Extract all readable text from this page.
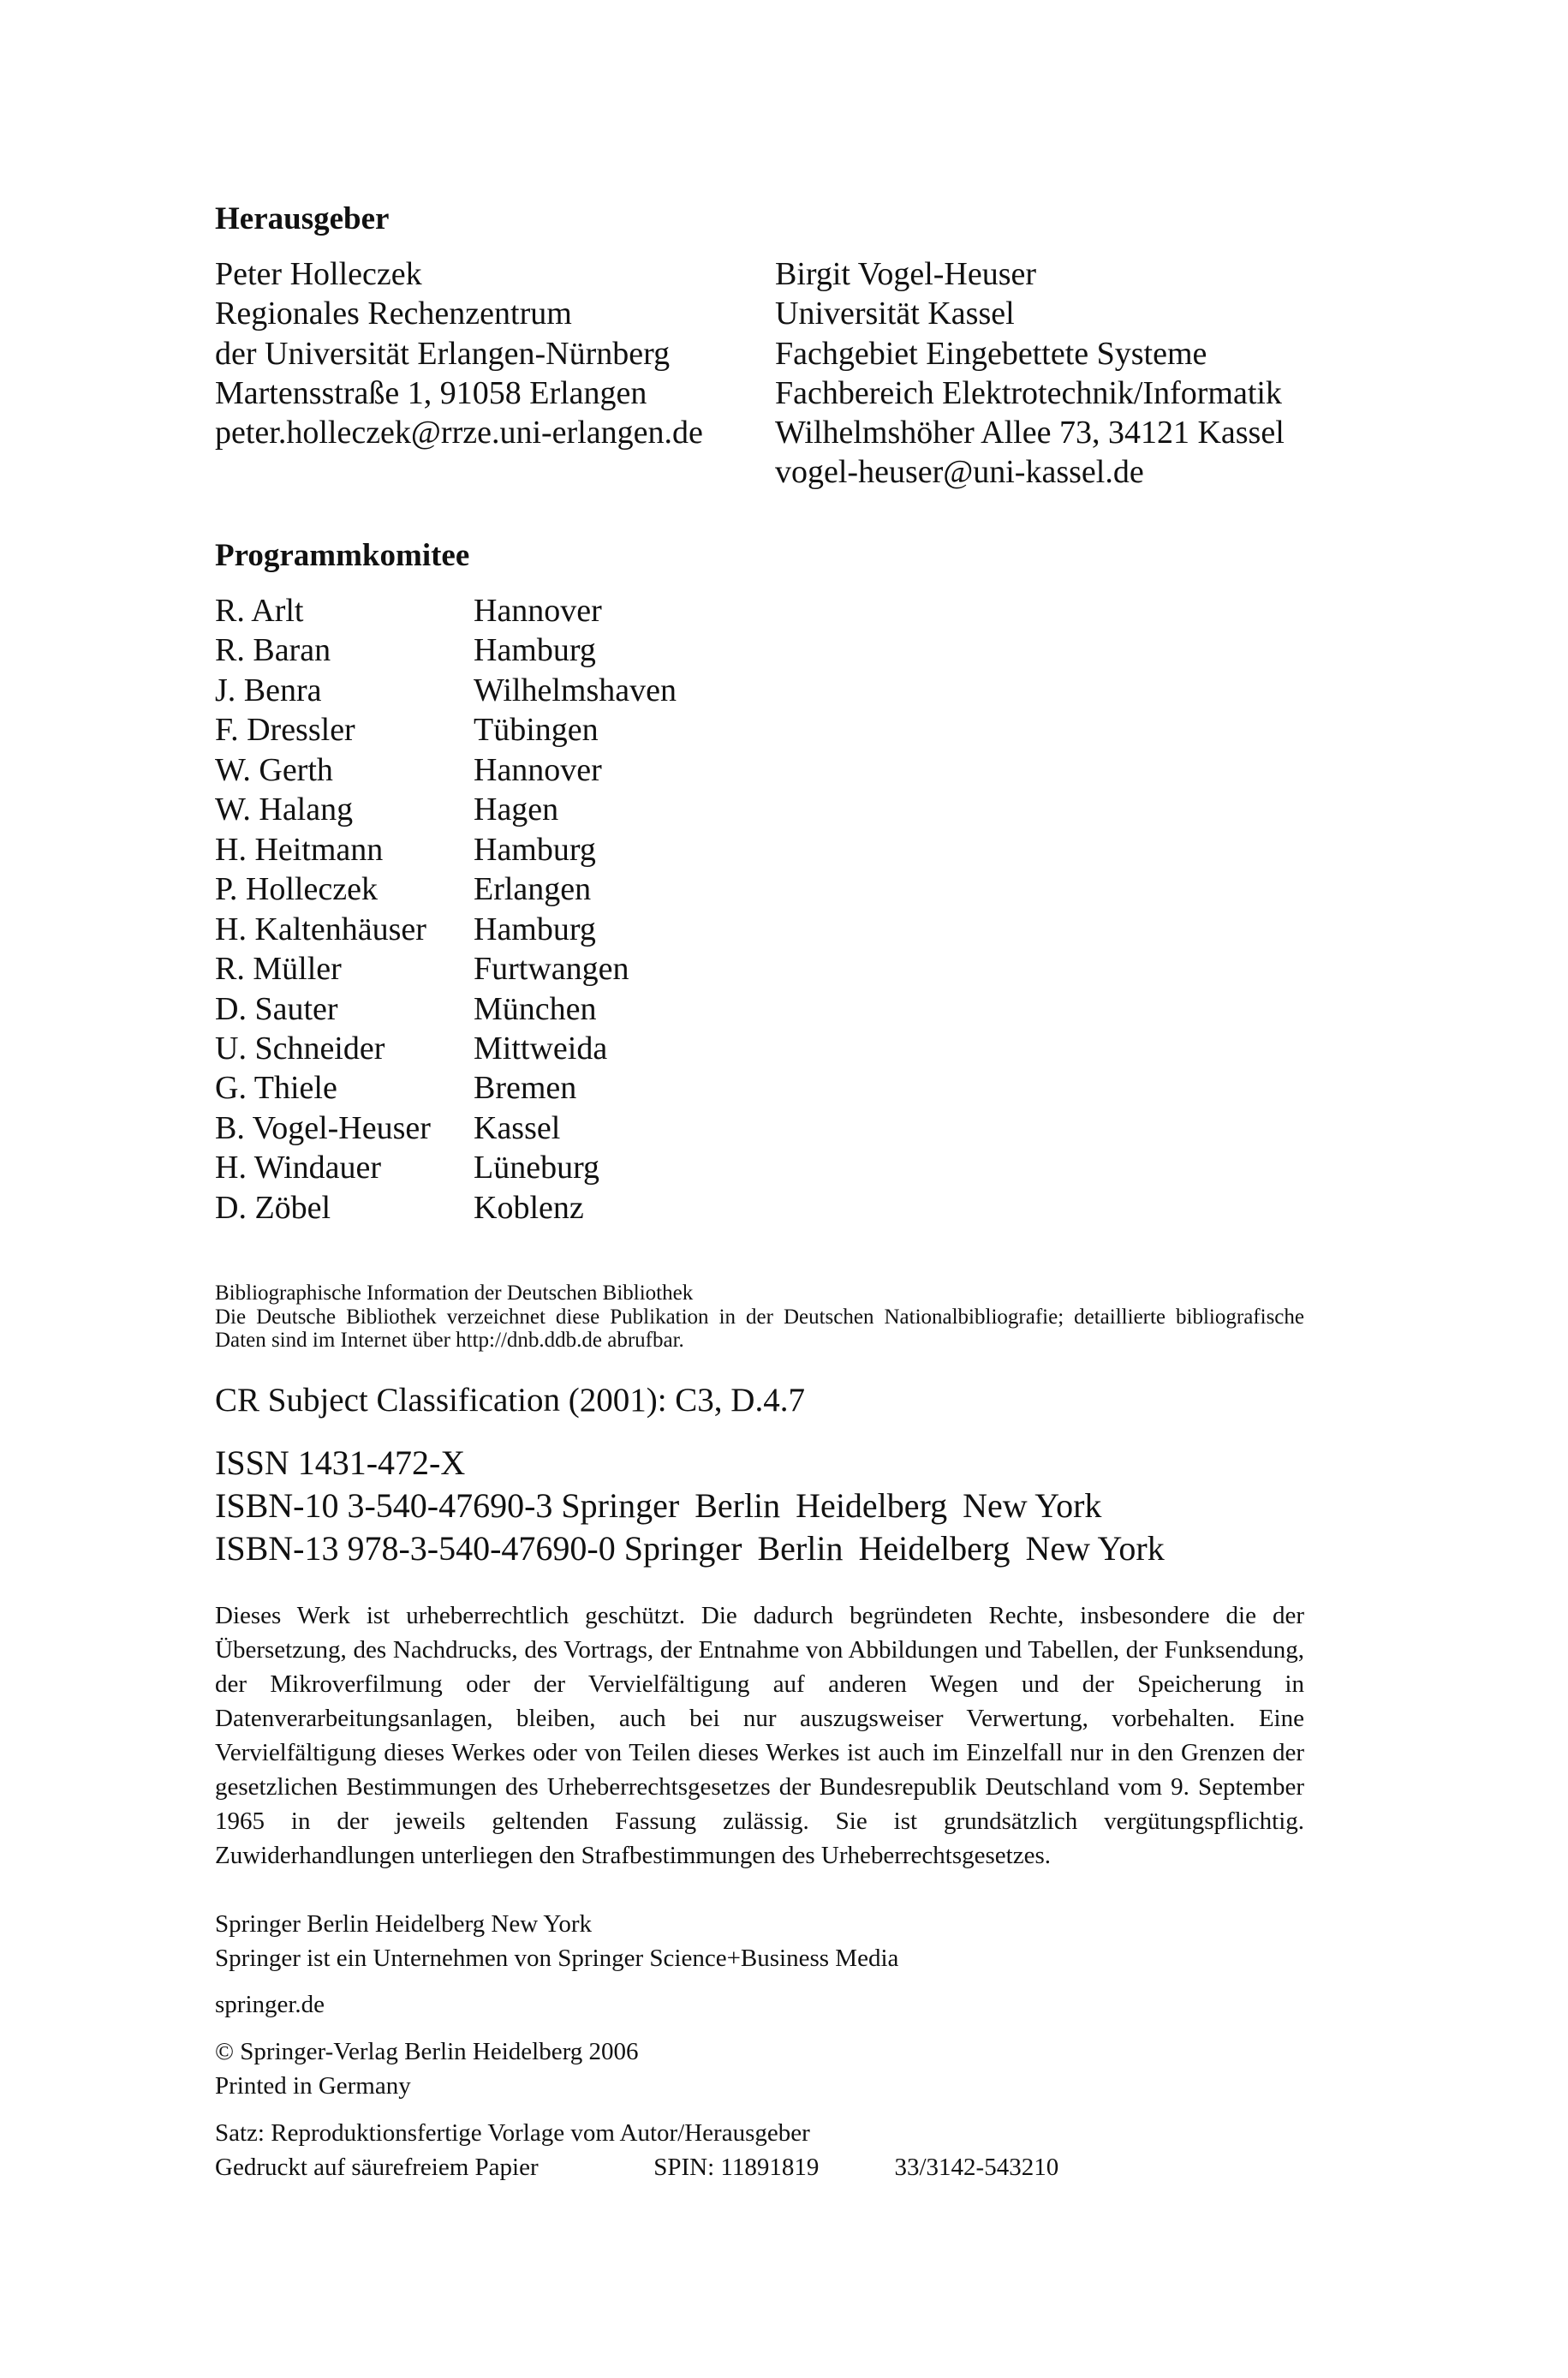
Herausgeber
Peter Holleczek
Regionales Rechenzentrum
der Universität Erlangen-Nürnberg
Martensstraße 1, 91058 Erlangen
peter.holleczek@rrze.uni-erlangen.de
Birgit Vogel-Heuser
Universität Kassel
Fachgebiet Eingebettete Systeme
Fachbereich Elektrotechnik/Informatik
Wilhelmshöher Allee 73, 34121 Kassel
vogel-heuser@uni-kassel.de
Programmkomitee
R. Arlt	Hannover
R. Baran	Hamburg
J. Benra	Wilhelmshaven
F. Dressler	Tübingen
W. Gerth	Hannover
W. Halang	Hagen
H. Heitmann	Hamburg
P. Holleczek	Erlangen
H. Kaltenhäuser	Hamburg
R. Müller	Furtwangen
D. Sauter	München
U. Schneider	Mittweida
G. Thiele	Bremen
B. Vogel-Heuser	Kassel
H. Windauer	Lüneburg
D. Zöbel	Koblenz
Bibliographische Information der Deutschen Bibliothek
Die Deutsche Bibliothek verzeichnet diese Publikation in der Deutschen Nationalbibliografie; detaillierte bibliografische Daten sind im Internet über http://dnb.ddb.de abrufbar.
CR Subject Classification (2001): C3, D.4.7
ISSN 1431-472-X
ISBN-10 3-540-47690-3 Springer Berlin Heidelberg New York
ISBN-13 978-3-540-47690-0 Springer Berlin Heidelberg New York
Dieses Werk ist urheberrechtlich geschützt. Die dadurch begründeten Rechte, insbesondere die der Übersetzung, des Nachdrucks, des Vortrags, der Entnahme von Abbildungen und Tabellen, der Funksendung, der Mikroverfilmung oder der Vervielfältigung auf anderen Wegen und der Speicherung in Datenverarbeitungsanlagen, bleiben, auch bei nur auszugsweiser Verwertung, vorbehalten. Eine Vervielfältigung dieses Werkes oder von Teilen dieses Werkes ist auch im Einzelfall nur in den Grenzen der gesetzlichen Bestimmungen des Urheberrechtsgesetzes der Bundesrepublik Deutschland vom 9. September 1965 in der jeweils geltenden Fassung zulässig. Sie ist grundsätzlich vergütungspflichtig. Zuwiderhandlungen unterliegen den Strafbestimmungen des Urheberrechtsgesetzes.
Springer Berlin Heidelberg New York
Springer ist ein Unternehmen von Springer Science+Business Media
springer.de
© Springer-Verlag Berlin Heidelberg 2006
Printed in Germany
Satz: Reproduktionsfertige Vorlage vom Autor/Herausgeber
Gedruckt auf säurefreiem Papier	SPIN: 11891819	33/3142-543210
